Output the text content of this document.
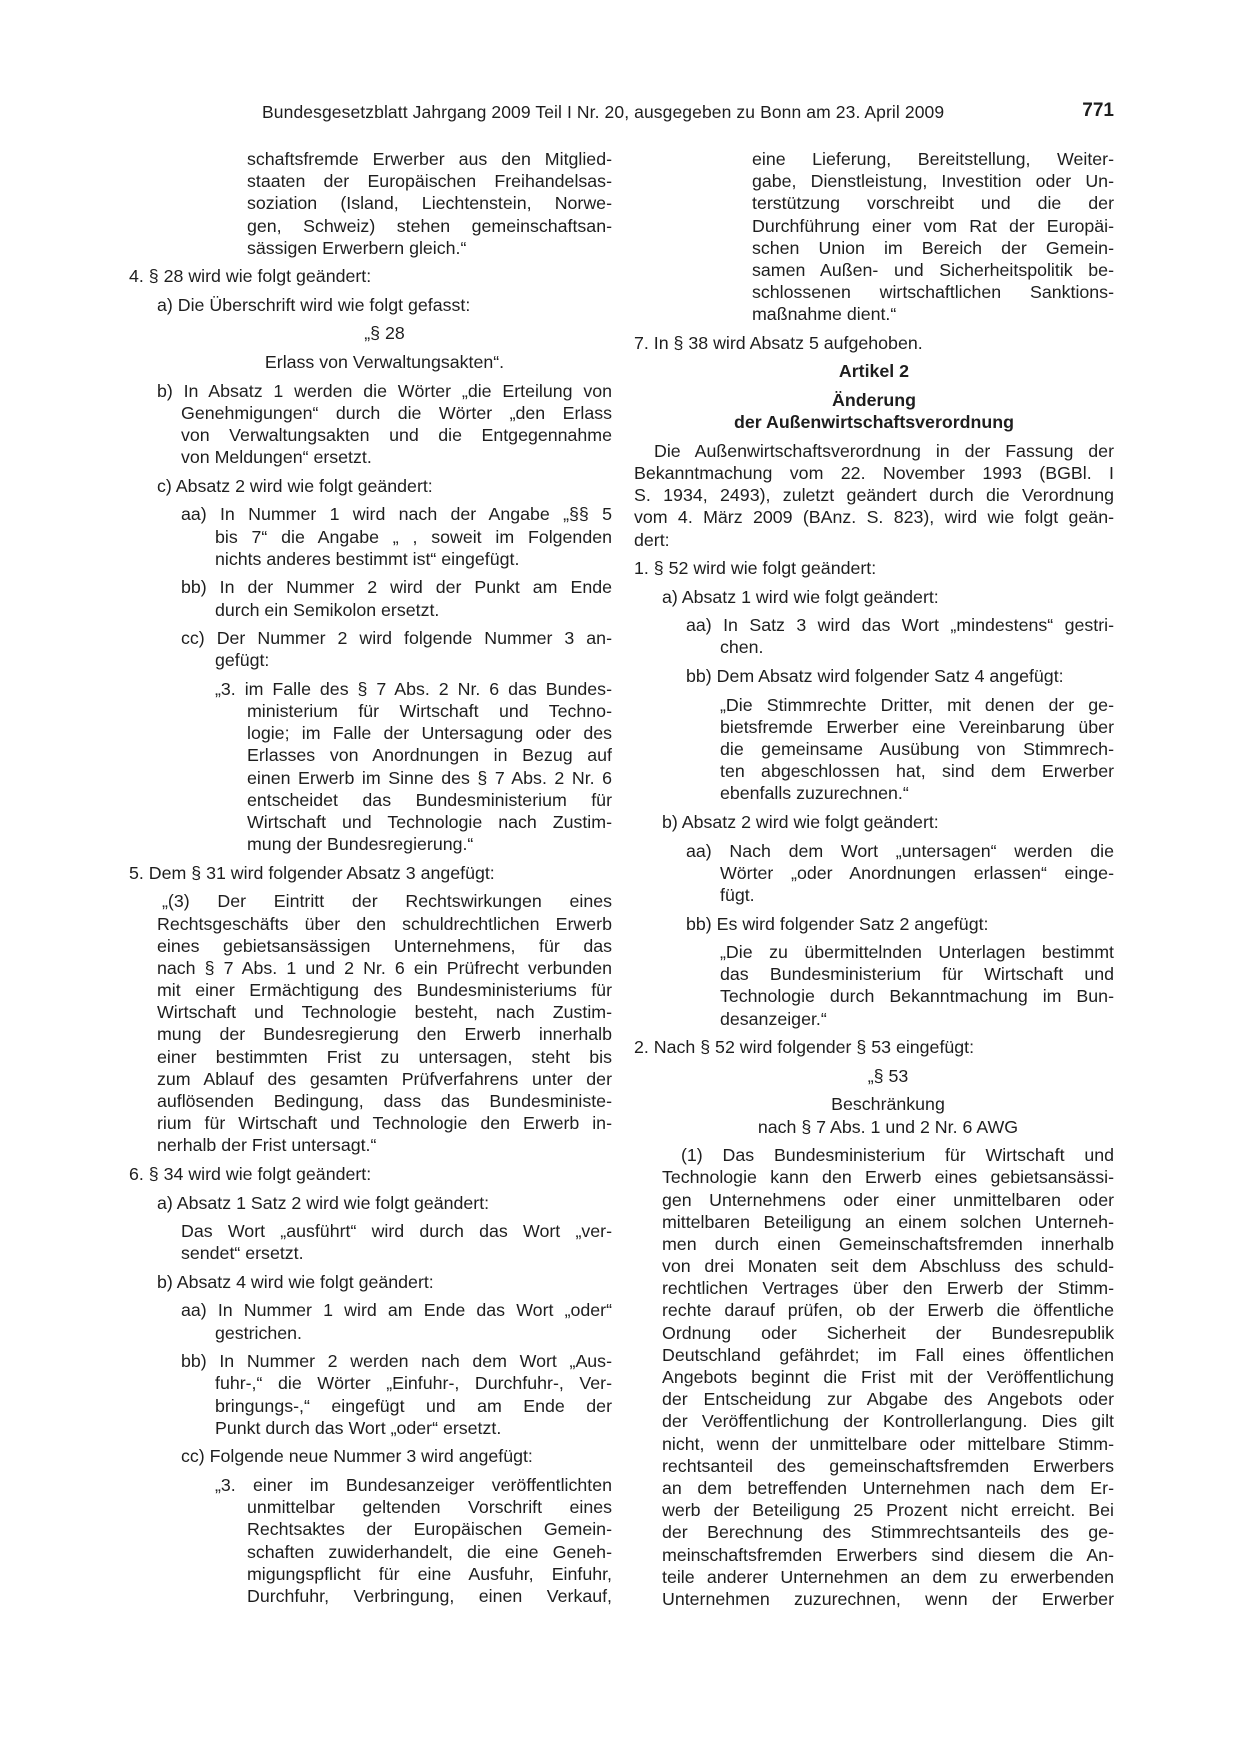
Bundesgesetzblatt Jahrgang 2009 Teil I Nr. 20, ausgegeben zu Bonn am 23. April 2009	771
schaftsfremde Erwerber aus den Mitglied-
staaten der Europäischen Freihandelsas-
soziation (Island, Liechtenstein, Norwe-
gen, Schweiz) stehen gemeinschaftsan-
sässigen Erwerbern gleich.“
4. § 28 wird wie folgt geändert:
a) Die Überschrift wird wie folgt gefasst:
„§ 28
Erlass von Verwaltungsakten“.
b) In Absatz 1 werden die Wörter „die Erteilung von
Genehmigungen“ durch die Wörter „den Erlass
von Verwaltungsakten und die Entgegennahme
von Meldungen“ ersetzt.
c) Absatz 2 wird wie folgt geändert:
aa) In Nummer 1 wird nach der Angabe „§§ 5
bis 7“ die Angabe „ , soweit im Folgenden
nichts anderes bestimmt ist“ eingefügt.
bb) In der Nummer 2 wird der Punkt am Ende
durch ein Semikolon ersetzt.
cc) Der Nummer 2 wird folgende Nummer 3 an-
gefügt:
„3. im Falle des § 7 Abs. 2 Nr. 6 das Bundes-
ministerium für Wirtschaft und Techno-
logie; im Falle der Untersagung oder des
Erlasses von Anordnungen in Bezug auf
einen Erwerb im Sinne des § 7 Abs. 2 Nr. 6
entscheidet das Bundesministerium für
Wirtschaft und Technologie nach Zustim-
mung der Bundesregierung.“
5. Dem § 31 wird folgender Absatz 3 angefügt:
„(3) Der Eintritt der Rechtswirkungen eines
Rechtsgeschäfts über den schuldrechtlichen Erwerb
eines gebietsansässigen Unternehmens, für das
nach § 7 Abs. 1 und 2 Nr. 6 ein Prüfrecht verbunden
mit einer Ermächtigung des Bundesministeriums für
Wirtschaft und Technologie besteht, nach Zustim-
mung der Bundesregierung den Erwerb innerhalb
einer bestimmten Frist zu untersagen, steht bis
zum Ablauf des gesamten Prüfverfahrens unter der
auflösenden Bedingung, dass das Bundesministe-
rium für Wirtschaft und Technologie den Erwerb in-
nerhalb der Frist untersagt.“
6. § 34 wird wie folgt geändert:
a) Absatz 1 Satz 2 wird wie folgt geändert:
Das Wort „ausführt“ wird durch das Wort „ver-
sendet“ ersetzt.
b) Absatz 4 wird wie folgt geändert:
aa) In Nummer 1 wird am Ende das Wort „oder“
gestrichen.
bb) In Nummer 2 werden nach dem Wort „Aus-
fuhr-,“ die Wörter „Einfuhr-, Durchfuhr-, Ver-
bringungs-,“ eingefügt und am Ende der
Punkt durch das Wort „oder“ ersetzt.
cc) Folgende neue Nummer 3 wird angefügt:
„3. einer im Bundesanzeiger veröffentlichten
unmittelbar geltenden Vorschrift eines
Rechtsaktes der Europäischen Gemein-
schaften zuwiderhandelt, die eine Geneh-
migungspflicht für eine Ausfuhr, Einfuhr,
Durchfuhr, Verbringung, einen Verkauf,
eine Lieferung, Bereitstellung, Weiter-
gabe, Dienstleistung, Investition oder Un-
terstützung vorschreibt und die der
Durchführung einer vom Rat der Europäi-
schen Union im Bereich der Gemein-
samen Außen- und Sicherheitspolitik be-
schlossenen wirtschaftlichen Sanktions-
maßnahme dient.“
7. In § 38 wird Absatz 5 aufgehoben.
Artikel 2
Änderung
der Außenwirtschaftsverordnung
Die Außenwirtschaftsverordnung in der Fassung der
Bekanntmachung vom 22. November 1993 (BGBl. I
S. 1934, 2493), zuletzt geändert durch die Verordnung
vom 4. März 2009 (BAnz. S. 823), wird wie folgt geän-
dert:
1. § 52 wird wie folgt geändert:
a) Absatz 1 wird wie folgt geändert:
aa) In Satz 3 wird das Wort „mindestens“ gestri-
chen.
bb) Dem Absatz wird folgender Satz 4 angefügt:
„Die Stimmrechte Dritter, mit denen der ge-
bietsfremde Erwerber eine Vereinbarung über
die gemeinsame Ausübung von Stimmrech-
ten abgeschlossen hat, sind dem Erwerber
ebenfalls zuzurechnen.“
b) Absatz 2 wird wie folgt geändert:
aa) Nach dem Wort „untersagen“ werden die
Wörter „oder Anordnungen erlassen“ einge-
fügt.
bb) Es wird folgender Satz 2 angefügt:
„Die zu übermittelnden Unterlagen bestimmt
das Bundesministerium für Wirtschaft und
Technologie durch Bekanntmachung im Bun-
desanzeiger.“
2. Nach § 52 wird folgender § 53 eingefügt:
„§ 53
Beschränkung
nach § 7 Abs. 1 und 2 Nr. 6 AWG
(1) Das Bundesministerium für Wirtschaft und
Technologie kann den Erwerb eines gebietsansässi-
gen Unternehmens oder einer unmittelbaren oder
mittelbaren Beteiligung an einem solchen Unterneh-
men durch einen Gemeinschaftsfremden innerhalb
von drei Monaten seit dem Abschluss des schuld-
rechtlichen Vertrages über den Erwerb der Stimm-
rechte darauf prüfen, ob der Erwerb die öffentliche
Ordnung oder Sicherheit der Bundesrepublik
Deutschland gefährdet; im Fall eines öffentlichen
Angebots beginnt die Frist mit der Veröffentlichung
der Entscheidung zur Abgabe des Angebots oder
der Veröffentlichung der Kontrollerlangung. Dies gilt
nicht, wenn der unmittelbare oder mittelbare Stimm-
rechtsanteil des gemeinschaftsfremden Erwerbers
an dem betreffenden Unternehmen nach dem Er-
werb der Beteiligung 25 Prozent nicht erreicht. Bei
der Berechnung des Stimmrechtsanteils des ge-
meinschaftsfremden Erwerbers sind diesem die An-
teile anderer Unternehmen an dem zu erwerbenden
Unternehmen zuzurechnen, wenn der Erwerber
